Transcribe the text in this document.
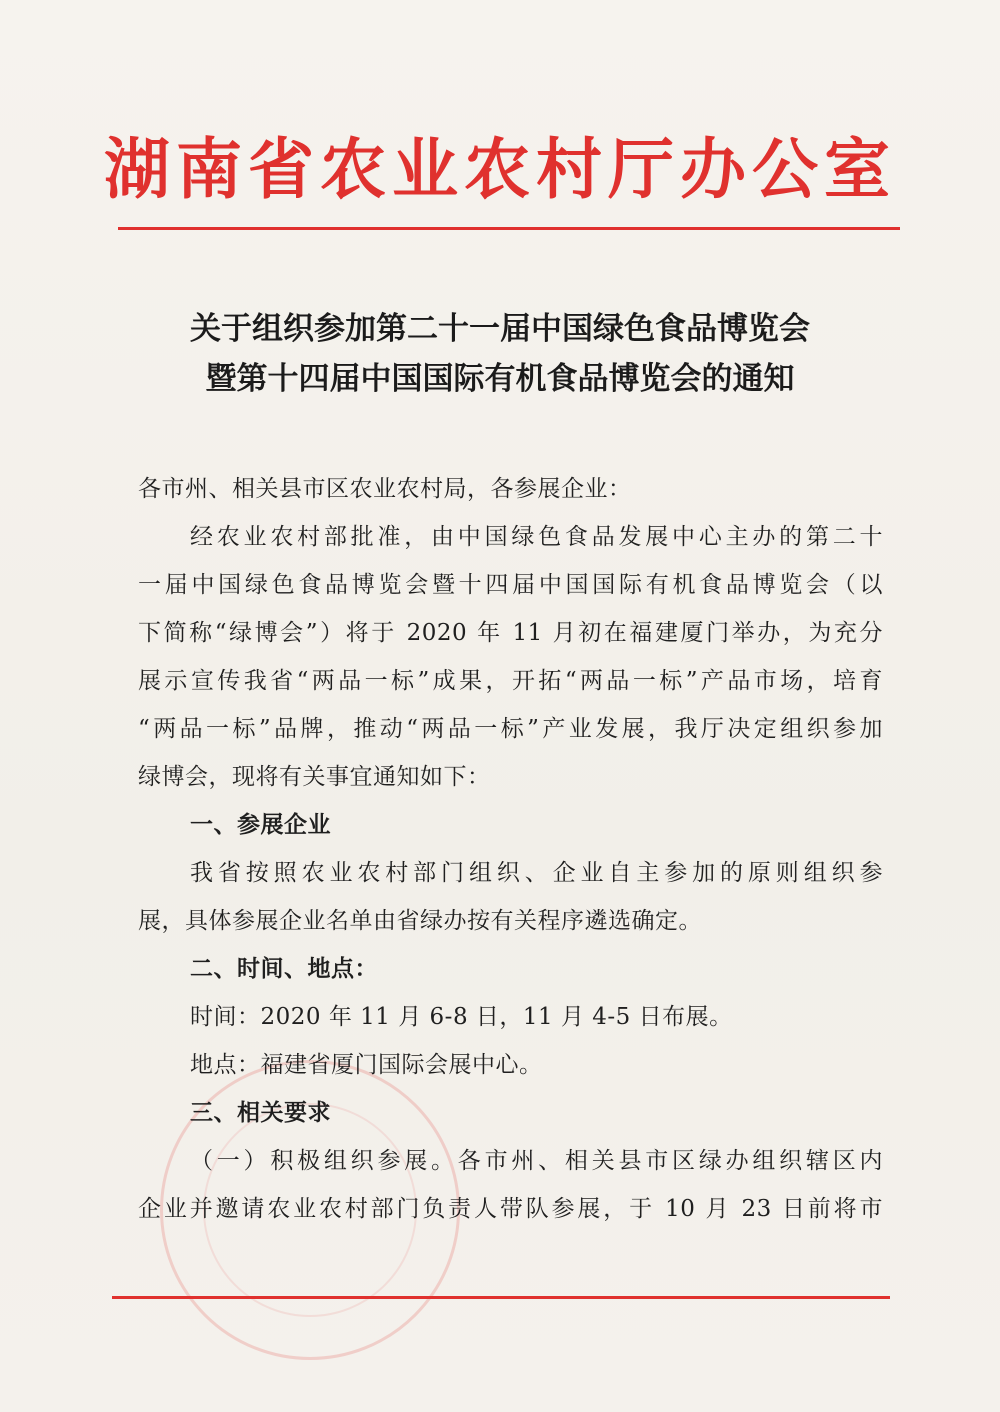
湖南省农业农村厅办公室
关于组织参加第二十一届中国绿色食品博览会
暨第十四届中国国际有机食品博览会的通知
各市州、相关县市区农业农村局，各参展企业：
经农业农村部批准，由中国绿色食品发展中心主办的第二十
一届中国绿色食品博览会暨十四届中国国际有机食品博览会（以
下简称“绿博会”）将于 2020 年 11 月初在福建厦门举办，为充分
展示宣传我省“两品一标”成果，开拓“两品一标”产品市场，培育
“两品一标”品牌，推动“两品一标”产业发展，我厅决定组织参加
绿博会，现将有关事宜通知如下：
一、参展企业
我省按照农业农村部门组织、企业自主参加的原则组织参
展，具体参展企业名单由省绿办按有关程序遴选确定。
二、时间、地点：
时间：2020 年 11 月 6-8 日，11 月 4-5 日布展。
地点：福建省厦门国际会展中心。
三、相关要求
（一）积极组织参展。各市州、相关县市区绿办组织辖区内
企业并邀请农业农村部门负责人带队参展，于 10 月 23 日前将市
